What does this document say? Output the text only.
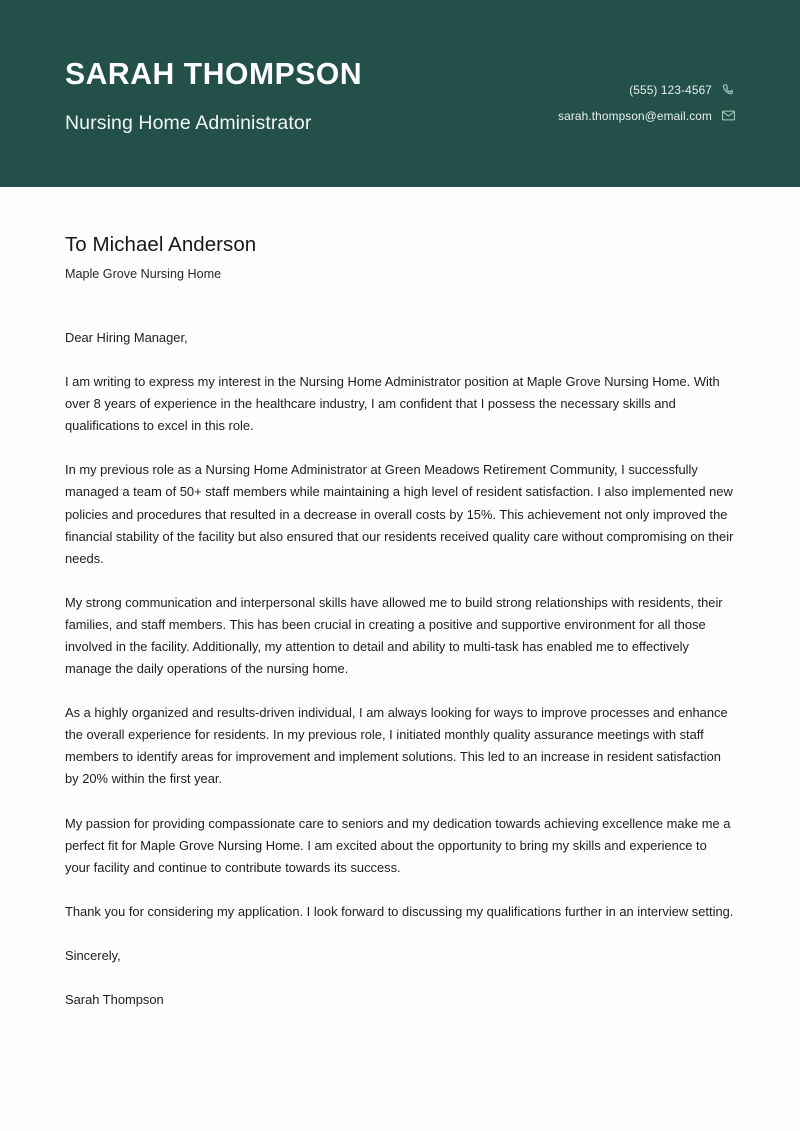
SARAH THOMPSON
Nursing Home Administrator
(555) 123-4567
sarah.thompson@email.com
To Michael Anderson
Maple Grove Nursing Home

Dear Hiring Manager,

I am writing to express my interest in the Nursing Home Administrator position at Maple Grove Nursing Home. With over 8 years of experience in the healthcare industry, I am confident that I possess the necessary skills and qualifications to excel in this role.

In my previous role as a Nursing Home Administrator at Green Meadows Retirement Community, I successfully managed a team of 50+ staff members while maintaining a high level of resident satisfaction. I also implemented new policies and procedures that resulted in a decrease in overall costs by 15%. This achievement not only improved the financial stability of the facility but also ensured that our residents received quality care without compromising on their needs.

My strong communication and interpersonal skills have allowed me to build strong relationships with residents, their families, and staff members. This has been crucial in creating a positive and supportive environment for all those involved in the facility. Additionally, my attention to detail and ability to multi-task has enabled me to effectively manage the daily operations of the nursing home.

As a highly organized and results-driven individual, I am always looking for ways to improve processes and enhance the overall experience for residents. In my previous role, I initiated monthly quality assurance meetings with staff members to identify areas for improvement and implement solutions. This led to an increase in resident satisfaction by 20% within the first year.

My passion for providing compassionate care to seniors and my dedication towards achieving excellence make me a perfect fit for Maple Grove Nursing Home. I am excited about the opportunity to bring my skills and experience to your facility and continue to contribute towards its success.

Thank you for considering my application. I look forward to discussing my qualifications further in an interview setting.

Sincerely,

Sarah Thompson
